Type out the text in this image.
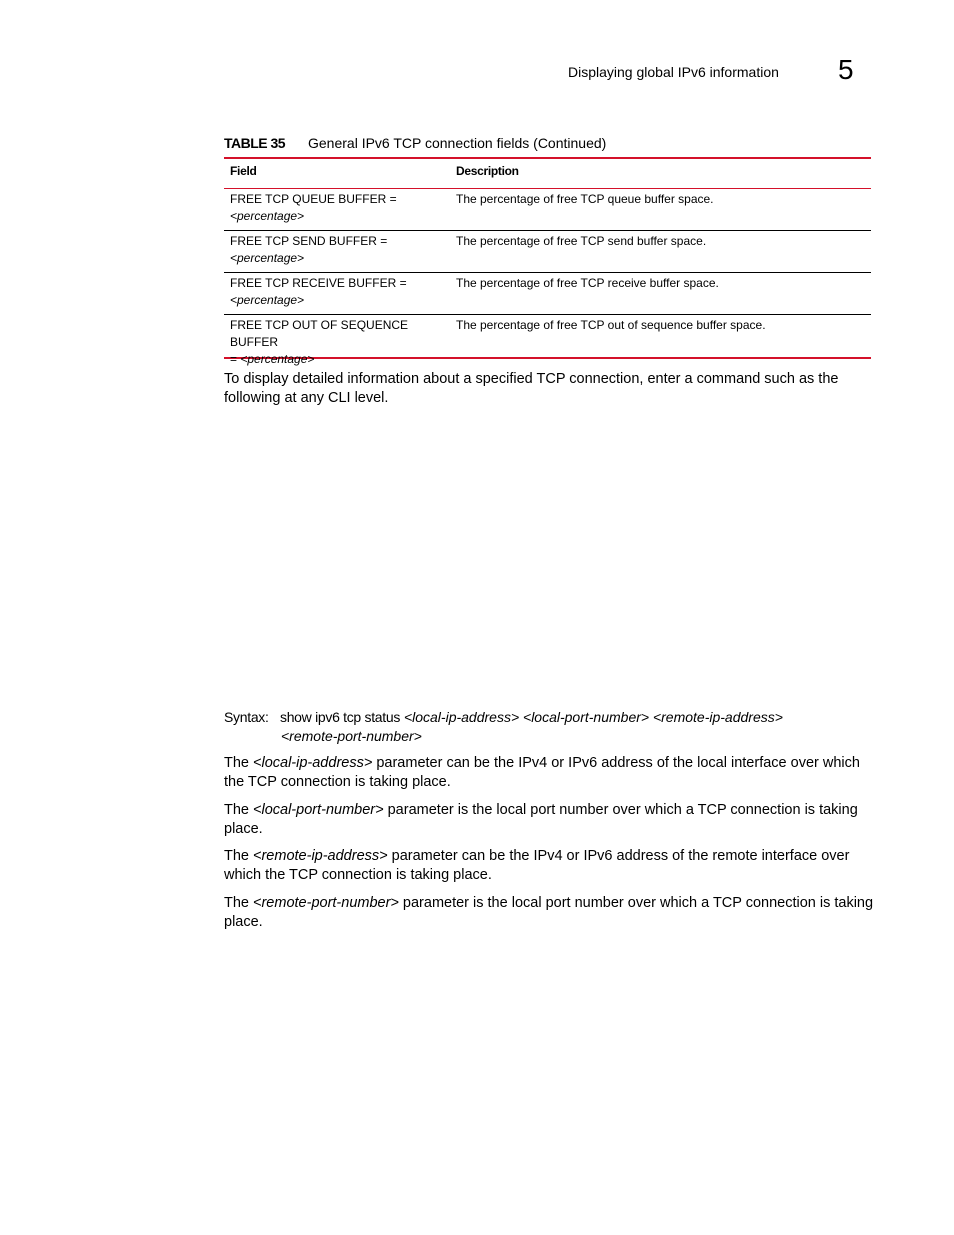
Displaying global IPv6 information 5
TABLE 35 General IPv6 TCP connection fields (Continued)
Field	Description
FREE TCP QUEUE BUFFER =
<percentage>
The percentage of free TCP queue buffer space.
FREE TCP SEND BUFFER =
<percentage>
The percentage of free TCP send buffer space.
FREE TCP RECEIVE BUFFER =
<percentage>
The percentage of free TCP receive buffer space.
FREE TCP OUT OF SEQUENCE BUFFER
= <percentage>
The percentage of free TCP out of sequence buffer space.
To display detailed information about a specified TCP connection, enter a command such as the following at any CLI level.
Syntax: show ipv6 tcp status <local-ip-address> <local-port-number> <remote-ip-address>
<remote-port-number>
The <local-ip-address> parameter can be the IPv4 or IPv6 address of the local interface over which the TCP connection is taking place.
The <local-port-number> parameter is the local port number over which a TCP connection is taking place.
The <remote-ip-address> parameter can be the IPv4 or IPv6 address of the remote interface over which the TCP connection is taking place.
The <remote-port-number> parameter is the local port number over which a TCP connection is taking place.
